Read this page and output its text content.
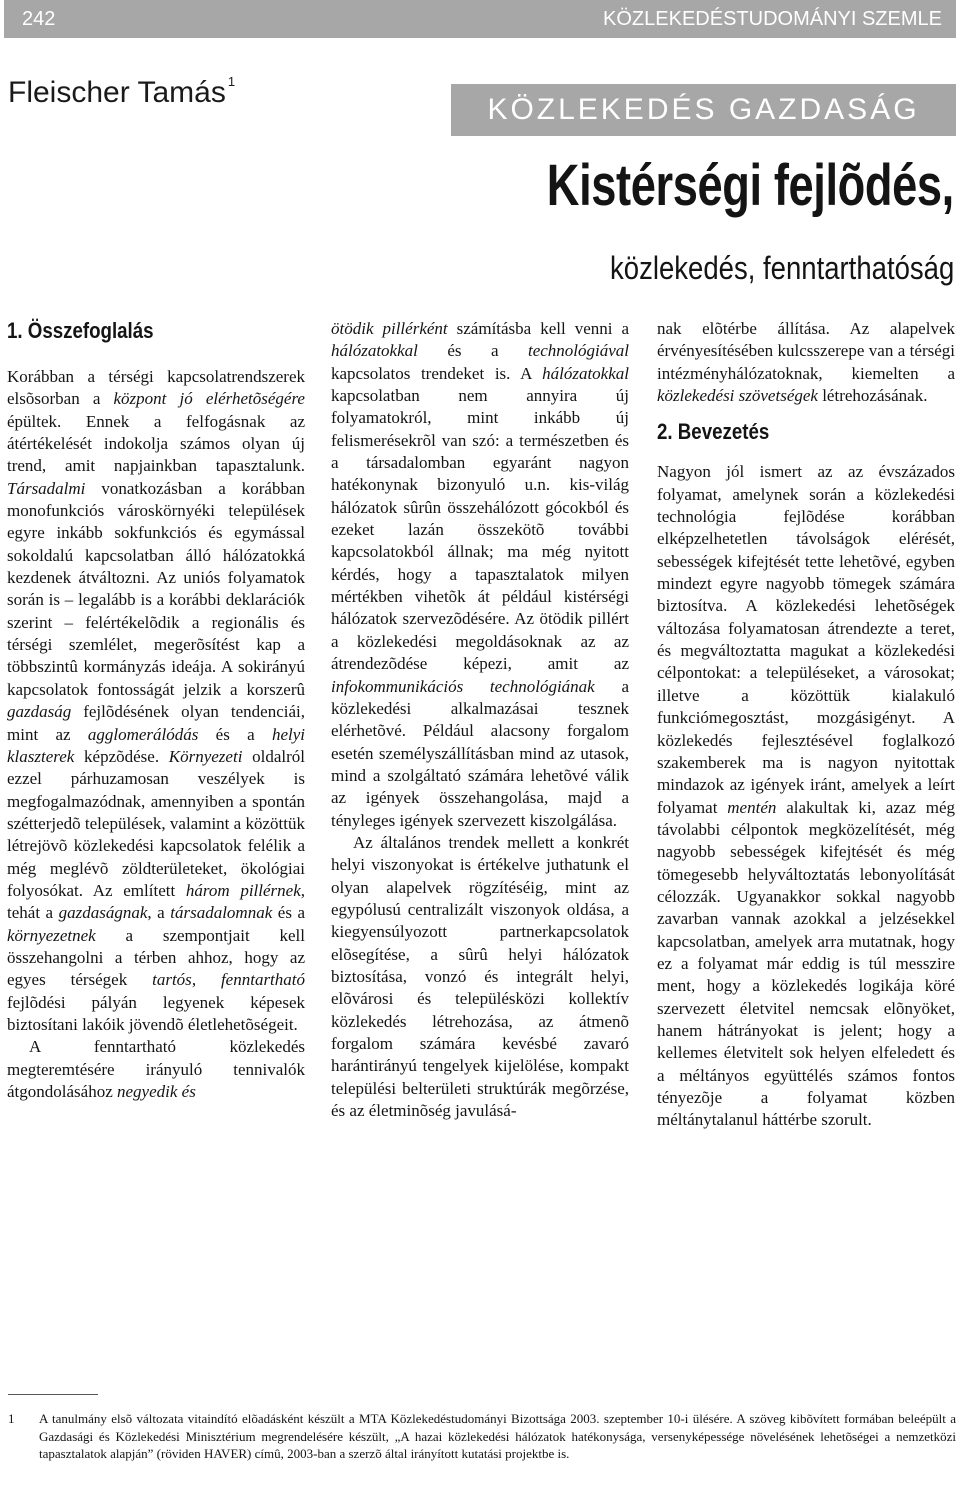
242	KÖZLEKEDÉSTUDOMÁNYI SZEMLE
Fleischer Tamás $^1$
KÖZLEKEDÉS GAZDASÁG
Kistérségi fejlõdés,
közlekedés, fenntarthatóság
1. Összefoglalás

Korábban a térségi kapcsolatrendszerek elsõsorban a központ jó elérhetõségére épültek. Ennek a felfogásnak az átértékelését indokolja számos olyan új trend, amit napjainkban tapasztalunk. Társadalmi vonatkozásban a korábban monofunkciós városkörnyéki települések egyre inkább sokfunkciós és egymással sokoldalú kapcsolatban álló hálózatokká kezdenek átváltozni. Az uniós folyamatok során is – legalább is a korábbi deklarációk szerint – felértékelõdik a regionális és térségi szemlélet, megerõsítést kap a többszintû kormányzás ideája. A sokirányú kapcsolatok fontosságát jelzik a korszerû gazdaság fejlõdésének olyan tendenciái, mint az agglomerálódás és a helyi klaszterek képzõdése. Környezeti oldalról ezzel párhuzamosan veszélyek is megfogalmazódnak, amennyiben a spontán szétterjedõ települések, valamint a közöttük létrejövõ közlekedési kapcsolatok felélik a még meglévõ zöldterületeket, ökológiai folyosókat. Az említett három pillérnek, tehát a gazdaságnak, a társadalomnak és a környezetnek a szempontjait kell összehangolni a térben ahhoz, hogy az egyes térségek tartós, fenntartható fejlõdési pályán legyenek képesek biztosítani lakóik jövendõ életlehetõségeit.

A fenntartható közlekedés megteremtésére irányuló tennivalók átgondolásához negyedik és

ötödik pillérként számításba kell venni a hálózatokkal és a technológiával kapcsolatos trendeket is. A hálózatokkal kapcsolatban nem annyira új folyamatokról, mint inkább új felismerésekrõl van szó: a természetben és a társadalomban egyaránt nagyon hatékonynak bizonyuló u.n. kis-világ hálózatok sûrûn összehálózott gócokból és ezeket lazán összekötõ további kapcsolatokból állnak; ma még nyitott kérdés, hogy a tapasztalatok milyen mértékben vihetõk át például kistérségi hálózatok szervezõdésére. Az ötödik pillért a közlekedési megoldásoknak az az átrendezõdése képezi, amit az infokommunikációs technológiának a közlekedési alkalmazásai tesznek elérhetõvé. Például alacsony forgalom esetén személyszállításban mind az utasok, mind a szolgáltató számára lehetõvé válik az igények összehangolása, majd a tényleges igények szervezett kiszolgálása.

Az általános trendek mellett a konkrét helyi viszonyokat is értékelve juthatunk el olyan alapelvek rögzítéséig, mint az egypólusú centralizált viszonyok oldása, a kiegyensúlyozott partnerkapcsolatok elõsegítése, a sûrû helyi hálózatok biztosítása, vonzó és integrált helyi, elõvárosi és településközi kollektív közlekedés létrehozása, az átmenõ forgalom számára kevésbé zavaró harántirányú tengelyek kijelölése, kompakt települési belterületi struktúrák megõrzése, és az életminõség javulásá-

nak elõtérbe állítása. Az alapelvek érvényesítésében kulcsszerepe van a térségi intézményhálózatoknak, kiemelten a közlekedési szövetségek létrehozásának.

2. Bevezetés

Nagyon jól ismert az az évszázados folyamat, amelynek során a közlekedési technológia fejlõdése korábban elképzelhetetlen távolságok elérését, sebességek kifejtését tette lehetõvé, egyben mindezt egyre nagyobb tömegek számára biztosítva. A közlekedési lehetõségek változása folyamatosan átrendezte a teret, és megváltoztatta magukat a közlekedési célpontokat: a településeket, a városokat; illetve a közöttük kialakuló funkciómegosztást, mozgásigényt. A közlekedés fejlesztésével foglalkozó szakemberek ma is nagyon nyitottak mindazok az igények iránt, amelyek a leírt folyamat mentén alakultak ki, azaz még távolabbi célpontok megközelítését, még nagyobb sebességek kifejtését és még tömegesebb helyváltoztatás lebonyolítását célozzák. Ugyanakkor sokkal nagyobb zavarban vannak azokkal a jelzésekkel kapcsolatban, amelyek arra mutatnak, hogy ez a folyamat már eddig is túl messzire ment, hogy a közlekedés logikája köré szervezett életvitel nemcsak elõnyöket, hanem hátrányokat is jelent; hogy a kellemes életvitelt sok helyen elfeledett és a méltányos együttélés számos fontos tényezõje a folyamat közben méltánytalanul háttérbe szorult.

1 A tanulmány elsõ változata vitaindító elõadásként készült a MTA Közlekedéstudományi Bizottsága 2003. szeptember 10-i ülésére. A szöveg kibõvített formában beleépült a Gazdasági és Közlekedési Minisztérium megrendelésére készült, „A hazai közlekedési hálózatok hatékonysága, versenyképessége növelésének lehetõségei a nemzetközi tapasztalatok alapján” (röviden HAVER) címû, 2003-ban a szerzõ által irányított kutatási projektbe is.
